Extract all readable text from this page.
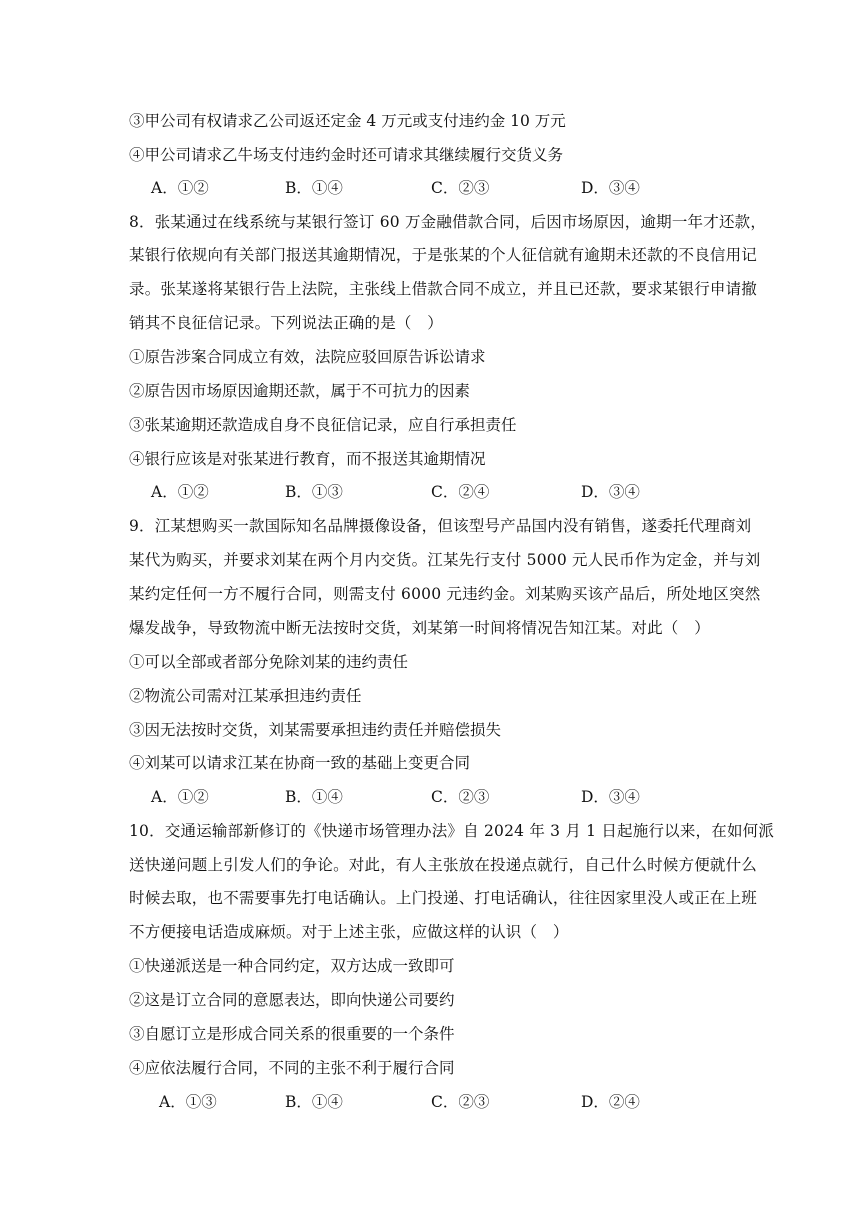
③甲公司有权请求乙公司返还定金 4 万元或支付违约金 10 万元
④甲公司请求乙牛场支付违约金时还可请求其继续履行交货义务
A．①②	B．①④	C．②③	D．③④
8．张某通过在线系统与某银行签订 60 万金融借款合同，后因市场原因，逾期一年才还款，
某银行依规向有关部门报送其逾期情况，于是张某的个人征信就有逾期未还款的不良信用记
录。张某遂将某银行告上法院，主张线上借款合同不成立，并且已还款，要求某银行申请撤
销其不良征信记录。下列说法正确的是（　）
①原告涉案合同成立有效，法院应驳回原告诉讼请求
②原告因市场原因逾期还款，属于不可抗力的因素
③张某逾期还款造成自身不良征信记录，应自行承担责任
④银行应该是对张某进行教育，而不报送其逾期情况
A．①②	B．①③	C．②④	D．③④
9．江某想购买一款国际知名品牌摄像设备，但该型号产品国内没有销售，遂委托代理商刘
某代为购买，并要求刘某在两个月内交货。江某先行支付 5000 元人民币作为定金，并与刘
某约定任何一方不履行合同，则需支付 6000 元违约金。刘某购买该产品后，所处地区突然
爆发战争，导致物流中断无法按时交货，刘某第一时间将情况告知江某。对此（　）
①可以全部或者部分免除刘某的违约责任
②物流公司需对江某承担违约责任
③因无法按时交货，刘某需要承担违约责任并赔偿损失
④刘某可以请求江某在协商一致的基础上变更合同
A．①②	B．①④	C．②③	D．③④
10．交通运输部新修订的《快递市场管理办法》自 2024 年 3 月 1 日起施行以来，在如何派
送快递问题上引发人们的争论。对此，有人主张放在投递点就行，自己什么时候方便就什么
时候去取，也不需要事先打电话确认。上门投递、打电话确认，往往因家里没人或正在上班
不方便接电话造成麻烦。对于上述主张，应做这样的认识（　）
①快递派送是一种合同约定，双方达成一致即可
②这是订立合同的意愿表达，即向快递公司要约
③自愿订立是形成合同关系的很重要的一个条件
④应依法履行合同，不同的主张不利于履行合同
A．①③	B．①④	C．②③	D．②④
